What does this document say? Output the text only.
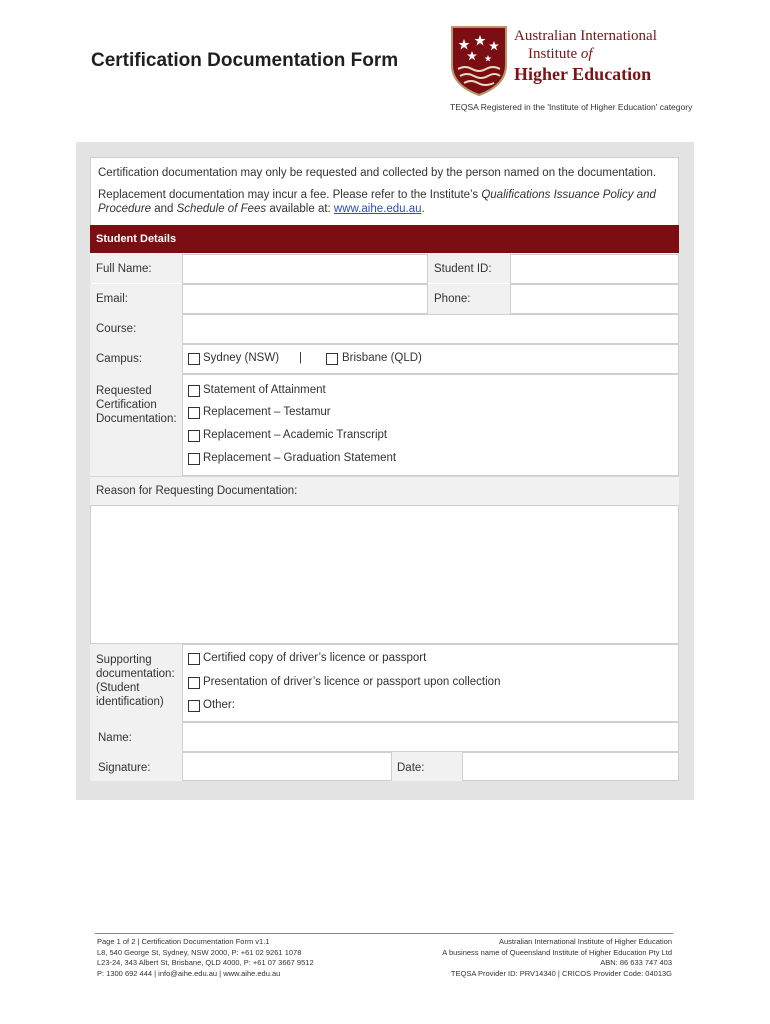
Certification Documentation Form
Australian International
Institute of
Higher Education
TEQSA Registered in the 'Institute of Higher Education' category
Certification documentation may only be requested and collected by the person named on the documentation.
Replacement documentation may incur a fee. Please refer to the Institute’s Qualifications Issuance Policy and Procedure and Schedule of Fees available at: www.aihe.edu.au.
Student Details
Full Name:	Student ID:
Email:	Phone:
Course:
Campus:	Sydney (NSW) |	Brisbane (QLD)
Requested
Certification
Documentation:
Statement of Attainment
Replacement – Testamur
Replacement – Academic Transcript
Replacement – Graduation Statement
Reason for Requesting Documentation:
Supporting
documentation:
(Student
identification)
Certified copy of driver’s licence or passport
Presentation of driver’s licence or passport upon collection
Other:
Name:
Signature:	Date:
Page 1 of 2 | Certification Documentation Form v1.1
L8, 540 George St, Sydney, NSW 2000, P: +61 02 9261 1078
L23-24, 343 Albert St, Brisbane, QLD 4000, P: +61 07 3667 9512
P: 1300 692 444 | info@aihe.edu.au | www.aihe.edu.au
Australian International Institute of Higher Education
A business name of Queensland Institute of Higher Education Pty Ltd
ABN: 86 633 747 403
TEQSA Provider ID: PRV14340 | CRICOS Provider Code: 04013G
